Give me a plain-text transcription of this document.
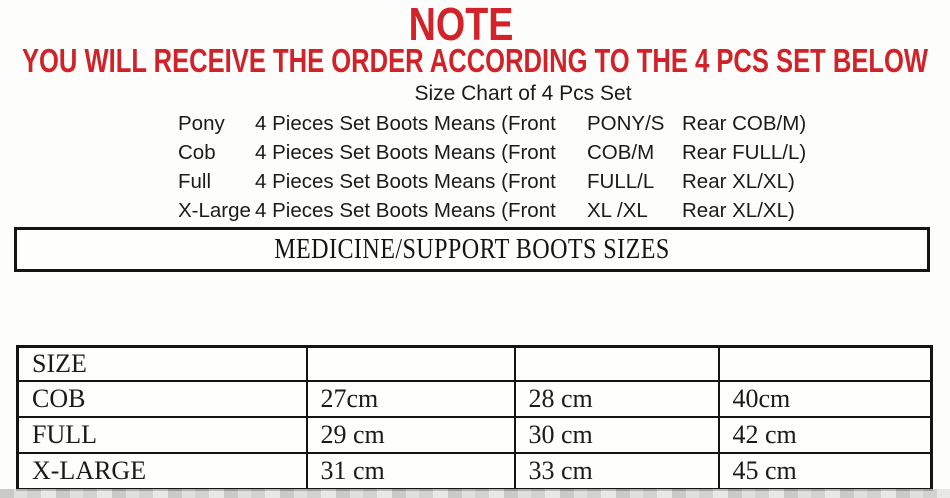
NOTE
YOU WILL RECEIVE THE ORDER ACCORDING TO THE 4 PCS SET BELOW
Size Chart of 4 Pcs Set
Pony	4 Pieces Set Boots Means (Front	PONY/S Rear COB/M)
Cob	4 Pieces Set Boots Means (Front	COB/M	Rear FULL/L)
Full	4 Pieces Set Boots Means (Front	FULL/L	Rear XL/XL)
X-Large 4 Pieces Set Boots Means (Front	XL /XL	Rear XL/XL)
MEDICINE/SUPPORT BOOTS SIZES
SIZE			
COB	27cm	28 cm	40cm
FULL	29 cm	30 cm	42 cm
X-LARGE	31 cm	33 cm	45 cm
